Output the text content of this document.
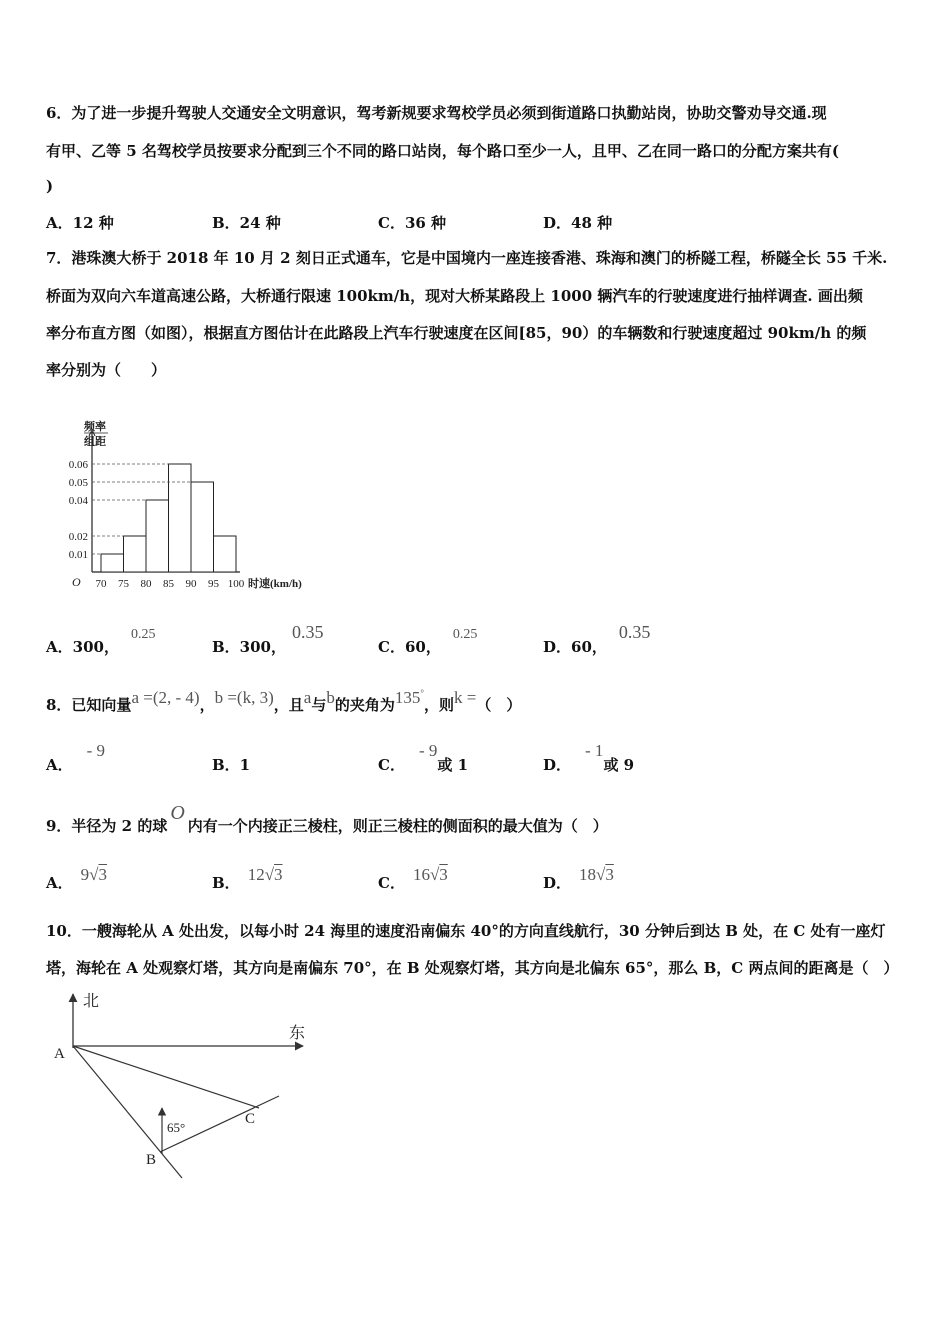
6．为了进一步提升驾驶人交通安全文明意识，驾考新规要求驾校学员必须到街道路口执勤站岗，协助交警劝导交通.现
有甲、乙等 5 名驾校学员按要求分配到三个不同的路口站岗，每个路口至少一人，且甲、乙在同一路口的分配方案共有(
)
A．12 种	B．24 种	C．36 种	D．48 种
7．港珠澳大桥于 2018 年 10 月 2 刻日正式通车，它是中国境内一座连接香港、珠海和澳门的桥隧工程，桥隧全长 55 千米.
桥面为双向六车道高速公路，大桥通行限速 100km/h，现对大桥某路段上 1000 辆汽车的行驶速度进行抽样调查. 画出频
率分布直方图（如图），根据直方图估计在此路段上汽车行驶速度在区间[85，90）的车辆数和行驶速度超过 90km/h 的频
率分别为（　　）
0.01
0.02
0.04
0.05
0.06
70 75 80 85 90 95 100
O	时速(km/h)
频率
组距
A．300，0.25
B．300，0.35
C．60，0.25
D．60，0.35
8．已知向量a =(2, - 4)，b =(k, 3)，且a与b的夹角为135°，则k =（　）
A．- 9
B．1	C．- 9或 1	D．- 1或 9
9．半径为 2 的球O内有一个内接正三棱柱，则正三棱柱的侧面积的最大值为（　）
A． 9√3	B． 12√3	C． 16√3	D． 18√3
10．一艘海轮从 A 处出发，以每小时 24 海里的速度沿南偏东 40°的方向直线航行，30 分钟后到达 B 处，在 C 处有一座灯
塔，海轮在 A 处观察灯塔，其方向是南偏东 70°，在 B 处观察灯塔，其方向是北偏东 65°，那么 B，C 两点间的距离是（　）
北
东
A
65°
B
C
